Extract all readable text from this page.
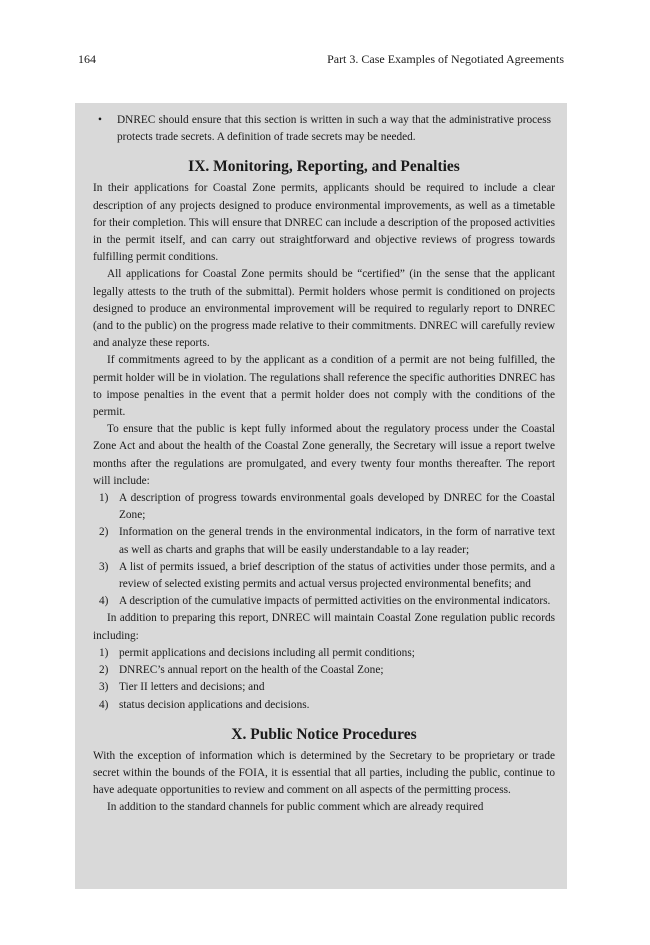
164	Part 3. Case Examples of Negotiated Agreements
• DNREC should ensure that this section is written in such a way that the administrative process protects trade secrets. A definition of trade secrets may be needed.
IX. Monitoring, Reporting, and Penalties

In their applications for Coastal Zone permits, applicants should be required to include a clear description of any projects designed to produce environmental improvements, as well as a timetable for their completion. This will ensure that DNREC can include a description of the proposed activities in the permit itself, and can carry out straightforward and objective reviews of progress towards fulfilling permit conditions.

All applications for Coastal Zone permits should be “certified” (in the sense that the applicant legally attests to the truth of the submittal). Permit holders whose permit is conditioned on projects designed to produce an environmental improvement will be required to regularly report to DNREC (and to the public) on the progress made relative to their commitments. DNREC will carefully review and analyze these reports.

If commitments agreed to by the applicant as a condition of a permit are not being fulfilled, the permit holder will be in violation. The regulations shall reference the specific authorities DNREC has to impose penalties in the event that a permit holder does not comply with the conditions of the permit.

To ensure that the public is kept fully informed about the regulatory process under the Coastal Zone Act and about the health of the Coastal Zone generally, the Secretary will issue a report twelve months after the regulations are promulgated, and every twenty four months thereafter. The report will include:

1) A description of progress towards environmental goals developed by DNREC for the Coastal Zone;
2) Information on the general trends in the environmental indicators, in the form of narrative text as well as charts and graphs that will be easily understandable to a lay reader;
3) A list of permits issued, a brief description of the status of activities under those permits, and a review of selected existing permits and actual versus projected environmental benefits; and
4) A description of the cumulative impacts of permitted activities on the environmental indicators.

In addition to preparing this report, DNREC will maintain Coastal Zone regulation public records including:

1) permit applications and decisions including all permit conditions;
2) DNREC’s annual report on the health of the Coastal Zone;
3) Tier II letters and decisions; and
4) status decision applications and decisions.
X. Public Notice Procedures

With the exception of information which is determined by the Secretary to be proprietary or trade secret within the bounds of the FOIA, it is essential that all parties, including the public, continue to have adequate opportunities to review and comment on all aspects of the permitting process.

In addition to the standard channels for public comment which are already required
